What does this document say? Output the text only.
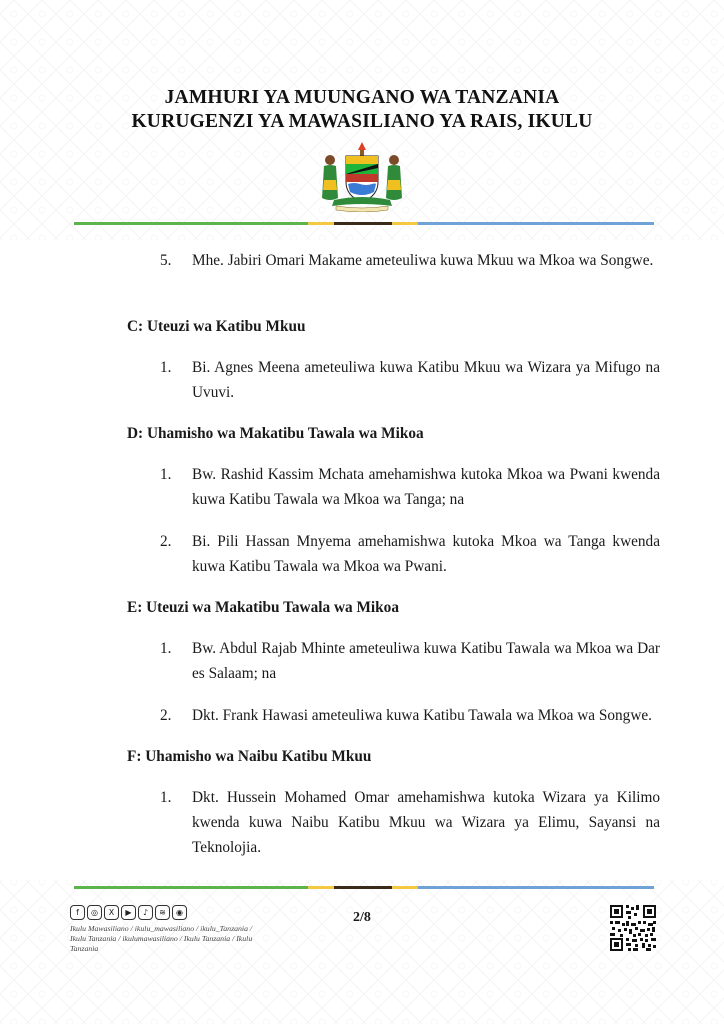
JAMHURI YA MUUNGANO WA TANZANIA
KURUGENZI YA MAWASILIANO YA RAIS, IKULU
5.	Mhe. Jabiri Omari Makame ameteuliwa kuwa Mkuu wa Mkoa wa Songwe.
C: Uteuzi wa Katibu Mkuu
1.	Bi. Agnes Meena ameteuliwa kuwa Katibu Mkuu wa Wizara ya Mifugo na Uvuvi.
D: Uhamisho wa Makatibu Tawala wa Mikoa
1.	Bw. Rashid Kassim Mchata amehamishwa kutoka Mkoa wa Pwani kwenda kuwa Katibu Tawala wa Mkoa wa Tanga; na
2.	Bi. Pili Hassan Mnyema amehamishwa kutoka Mkoa wa Tanga kwenda kuwa Katibu Tawala wa Mkoa wa Pwani.
E: Uteuzi wa Makatibu Tawala wa Mikoa
1.	Bw. Abdul Rajab Mhinte ameteuliwa kuwa Katibu Tawala wa Mkoa wa Dar es Salaam; na
2.	Dkt. Frank Hawasi ameteuliwa kuwa Katibu Tawala wa Mkoa wa Songwe.
F: Uhamisho wa Naibu Katibu Mkuu
1.	Dkt. Hussein Mohamed Omar amehamishwa kutoka Wizara ya Kilimo kwenda kuwa Naibu Katibu Mkuu wa Wizara ya Elimu, Sayansi na Teknolojia.
f	◎	X	▶	♪	≋	◉
Ikulu Mawasiliano / ikulu_mawasiliano / ikulu_Tanzania / Ikulu Tanzania / ikulumawasiliano / Ikulu Tanzania / Ikulu Tanzania
2/8
